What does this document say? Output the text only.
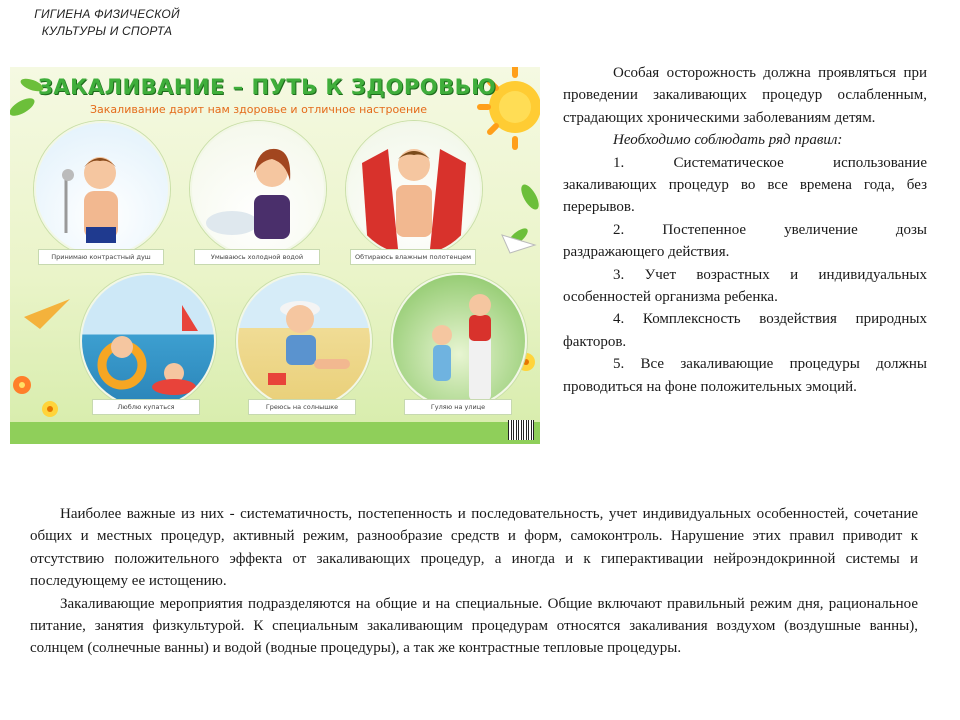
ГИГИЕНА ФИЗИЧЕСКОЙ КУЛЬТУРЫ И СПОРТА
ЗАКАЛИВАНИЕ – ПУТЬ К ЗДОРОВЬЮ
Закаливание дарит нам здоровье и отличное настроение
Принимаю контрастный душ	Умываюсь холодной водой	Обтираюсь влажным полотенцем
Люблю купаться	Греюсь на солнышке	Гуляю на улице

Особая осторожность должна проявляться при проведении закаливающих процедур ослабленным, страдающих хроническими заболеваниям детям.

Необходимо соблюдать ряд правил:

1. Систематическое использование закаливающих процедур во все времена года, без перерывов.

2. Постепенное увеличение дозы раздражающего действия.

3. Учет возрастных и индивидуальных особенностей организма ребенка.

4. Комплексность воздействия природных факторов.

5. Все закаливающие процедуры должны проводиться на фоне положительных эмоций.

Наиболее важные из них - систематичность, постепенность и последовательность, учет индивидуальных особенностей, сочетание общих и местных процедур, активный режим, разнообразие средств и форм, самоконтроль. Нарушение этих правил приводит к отсутствию положительного эффекта от закаливающих процедур, а иногда и к гиперактивации нейроэндокринной системы и последующему ее истощению.

Закаливающие мероприятия подразделяются на общие и на специальные. Общие включают правильный режим дня, рациональное питание, занятия физкультурой. К специальным закаливающим процедурам относятся закаливания воздухом (воздушные ванны), солнцем (солнечные ванны) и водой (водные процедуры), а так же контрастные тепловые процедуры.
